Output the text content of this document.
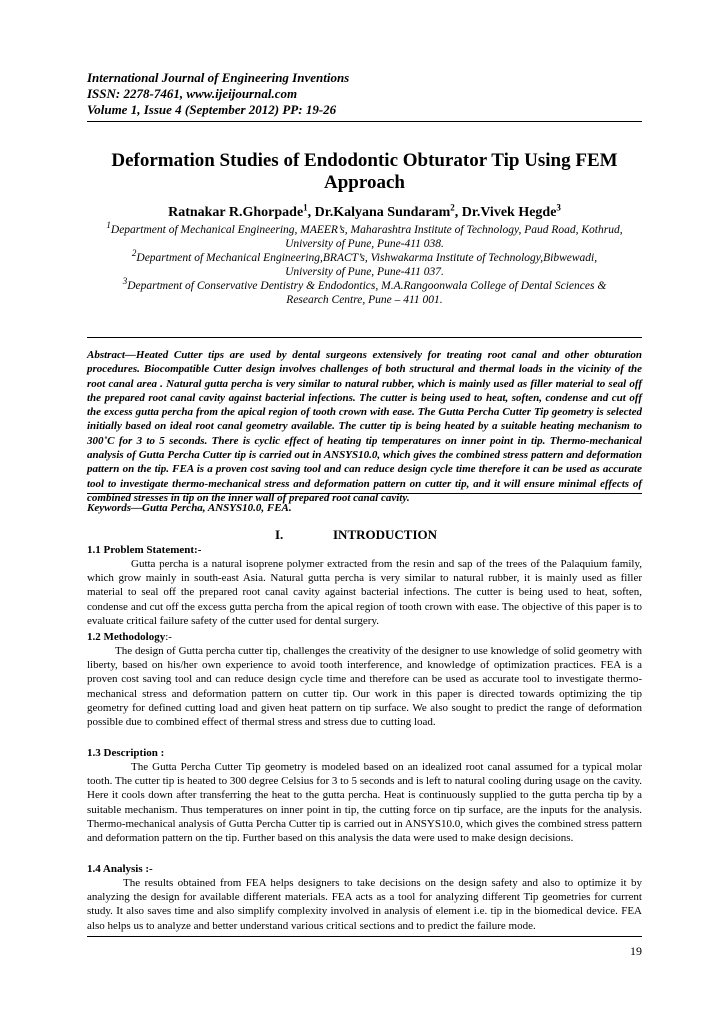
International Journal of Engineering Inventions
ISSN: 2278-7461, www.ijeijournal.com
Volume 1, Issue 4 (September 2012) PP: 19-26
Deformation Studies of Endodontic Obturator Tip Using FEM
Approach
Ratnakar R.Ghorpade$^1$, Dr.Kalyana Sundaram$^2$, Dr.Vivek Hegde$^3$
$^1$Department of Mechanical Engineering, MAEER’s, Maharashtra Institute of Technology, Paud Road, Kothrud,
University of Pune, Pune-411 038.
$^2$Department of Mechanical Engineering,BRACT’s, Vishwakarma Institute of Technology,Bibwewadi,
University of Pune, Pune-411 037.
$^3$Department of Conservative Dentistry & Endodontics, M.A.Rangoonwala College of Dental Sciences &
Research Centre, Pune – 411 001.
Abstract—Heated Cutter tips are used by dental surgeons extensively for treating root canal and other obturation procedures. Biocompatible Cutter design involves challenges of both structural and thermal loads in the vicinity of the root canal area . Natural gutta percha is very similar to natural rubber, which is mainly used as filler material to seal off the prepared root canal cavity against bacterial infections. The cutter is being used to heat, soften, condense and cut off the excess gutta percha from the apical region of tooth crown with ease. The Gutta Percha Cutter Tip geometry is selected initially based on ideal root canal geometry available. The cutter tip is being heated by a suitable heating mechanism to 300˚C for 3 to 5 seconds. There is cyclic effect of heating tip temperatures on inner point in tip. Thermo-mechanical analysis of Gutta Percha Cutter tip is carried out in ANSYS10.0, which gives the combined stress pattern and deformation pattern on the tip. FEA is a proven cost saving tool and can reduce design cycle time therefore it can be used as accurate tool to investigate thermo-mechanical stress and deformation pattern on cutter tip, and it will ensure minimal effects of combined stresses in tip on the inner wall of prepared root canal cavity.
Keywords—Gutta Percha, ANSYS10.0, FEA.
I.	INTRODUCTION
1.1 Problem Statement:-
Gutta percha is a natural isoprene polymer extracted from the resin and sap of the trees of the Palaquium family, which grow mainly in south-east Asia. Natural gutta percha is very similar to natural rubber, it is mainly used as filler material to seal off the prepared root canal cavity against bacterial infections. The cutter is being used to heat, soften, condense and cut off the excess gutta percha from the apical region of tooth crown with ease. The objective of this paper is to evaluate critical failure safety of the cutter used for dental surgery.
1.2 Methodology:-
The design of Gutta percha cutter tip, challenges the creativity of the designer to use knowledge of solid geometry with liberty, based on his/her own experience to avoid tooth interference, and knowledge of optimization practices. FEA is a proven cost saving tool and can reduce design cycle time and therefore can be used as accurate tool to investigate thermo-mechanical stress and deformation pattern on cutter tip. Our work in this paper is directed towards optimizing the tip geometry for defined cutting load and given heat pattern on tip surface. We also sought to predict the range of deformation possible due to combined effect of thermal stress and stress due to cutting load.
1.3 Description :
The Gutta Percha Cutter Tip geometry is modeled based on an idealized root canal assumed for a typical molar tooth. The cutter tip is heated to 300 degree Celsius for 3 to 5 seconds and is left to natural cooling during usage on the cavity. Here it cools down after transferring the heat to the gutta percha. Heat is continuously supplied to the gutta percha tip by a suitable mechanism. Thus temperatures on inner point in tip, the cutting force on tip surface, are the inputs for the analysis. Thermo-mechanical analysis of Gutta Percha Cutter tip is carried out in ANSYS10.0, which gives the combined stress pattern and deformation pattern on the tip. Further based on this analysis the data were used to make design decisions.
1.4 Analysis :-
The results obtained from FEA helps designers to take decisions on the design safety and also to optimize it by analyzing the design for available different materials. FEA acts as a tool for analyzing different Tip geometries for current study. It also saves time and also simplify complexity involved in analysis of element i.e. tip in the biomedical device. FEA also helps us to analyze and better understand various critical sections and to predict the failure mode.
19
